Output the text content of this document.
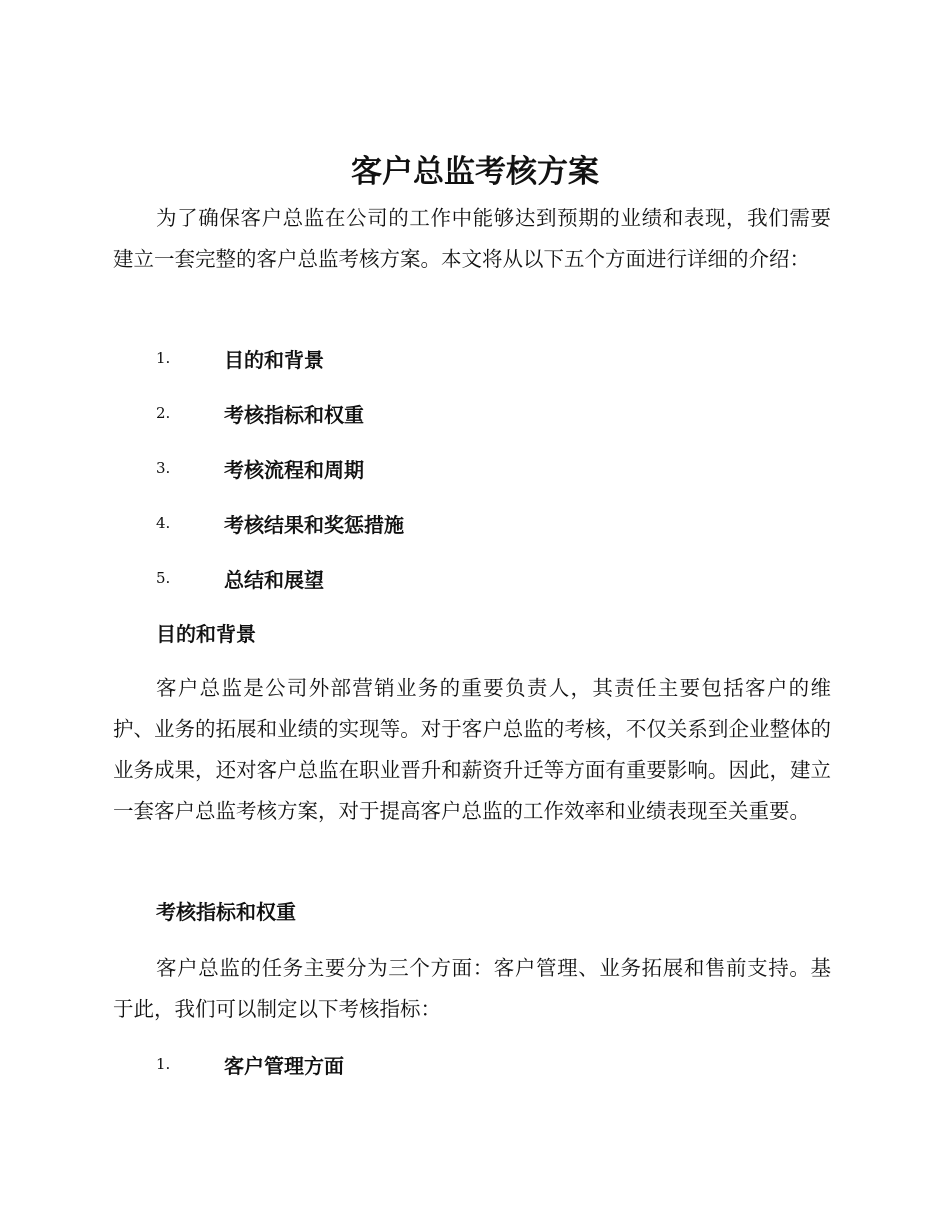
客户总监考核方案

为了确保客户总监在公司的工作中能够达到预期的业绩和表现，我们需要建立一套完整的客户总监考核方案。本文将从以下五个方面进行详细的介绍：

1.	目的和背景
2.	考核指标和权重
3.	考核流程和周期
4.	考核结果和奖惩措施
5.	总结和展望
目的和背景

客户总监是公司外部营销业务的重要负责人，其责任主要包括客户的维护、业务的拓展和业绩的实现等。对于客户总监的考核，不仅关系到企业整体的业务成果，还对客户总监在职业晋升和薪资升迁等方面有重要影响。因此，建立一套客户总监考核方案，对于提高客户总监的工作效率和业绩表现至关重要。

考核指标和权重

客户总监的任务主要分为三个方面：客户管理、业务拓展和售前支持。基于此，我们可以制定以下考核指标：

1.	客户管理方面
